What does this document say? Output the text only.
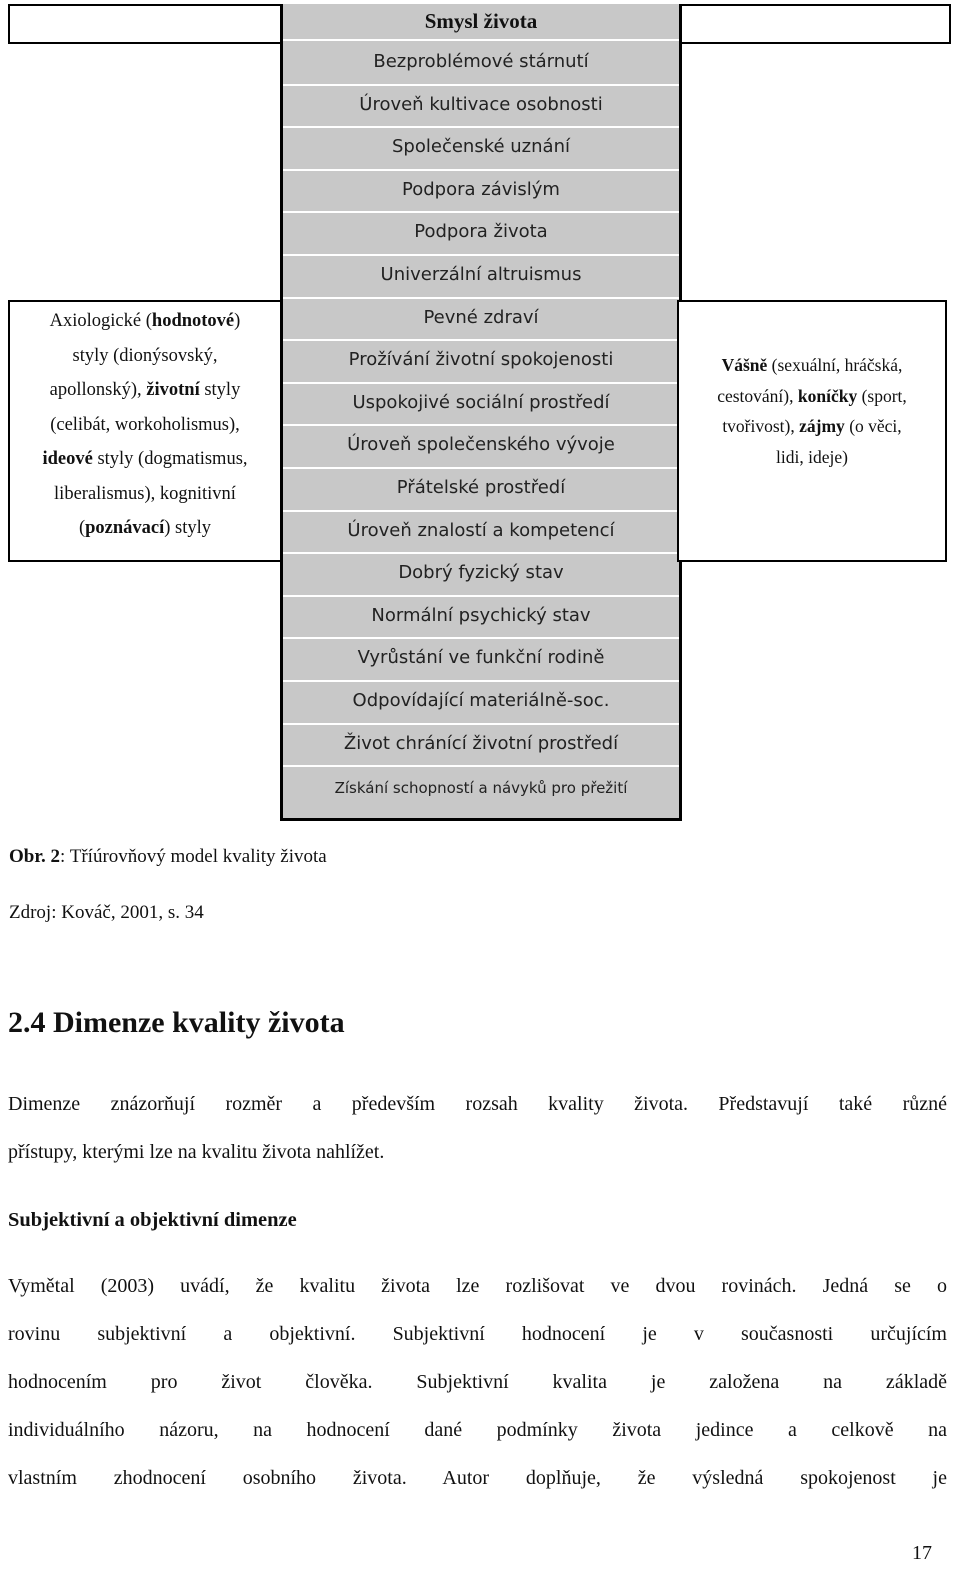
Smysl života
Bezproblémové stárnutí
Úroveň kultivace osobnosti
Společenské uznání
Podpora závislým
Podpora života
Univerzální altruismus
Pevné zdraví
Prožívání životní spokojenosti
Uspokojivé sociální prostředí
Úroveň společenského vývoje
Přátelské prostředí
Úroveň znalostí a kompetencí
Dobrý fyzický stav
Normální psychický stav
Vyrůstání ve funkční rodině
Odpovídající materiálně-soc.
Život chránící životní prostředí
Získání schopností a návyků pro přežití
Axiologické (hodnotové)
styly (dionýsovský,
apollonský), životní styly
(celibát, workoholismus),
ideové styly (dogmatismus,
liberalismus), kognitivní
(poznávací) styly
Vášně (sexuální, hráčská,
cestování), koníčky (sport,
tvořivost), zájmy (o věci,
lidi, ideje)
Obr. 2: Tříúrovňový model kvality života
Zdroj: Kováč, 2001, s. 34
2.4 Dimenze kvality života
Dimenze znázorňují rozměr a především rozsah kvality života. Představují také různé
přístupy, kterými lze na kvalitu života nahlížet.
Subjektivní a objektivní dimenze
Vymětal (2003) uvádí, že kvalitu života lze rozlišovat ve dvou rovinách. Jedná se o
rovinu subjektivní a objektivní. Subjektivní hodnocení je v současnosti určujícím
hodnocením pro život člověka. Subjektivní kvalita je založena na základě
individuálního názoru, na hodnocení dané podmínky života jedince a celkově na
vlastním zhodnocení osobního života. Autor doplňuje, že výsledná spokojenost je
17
